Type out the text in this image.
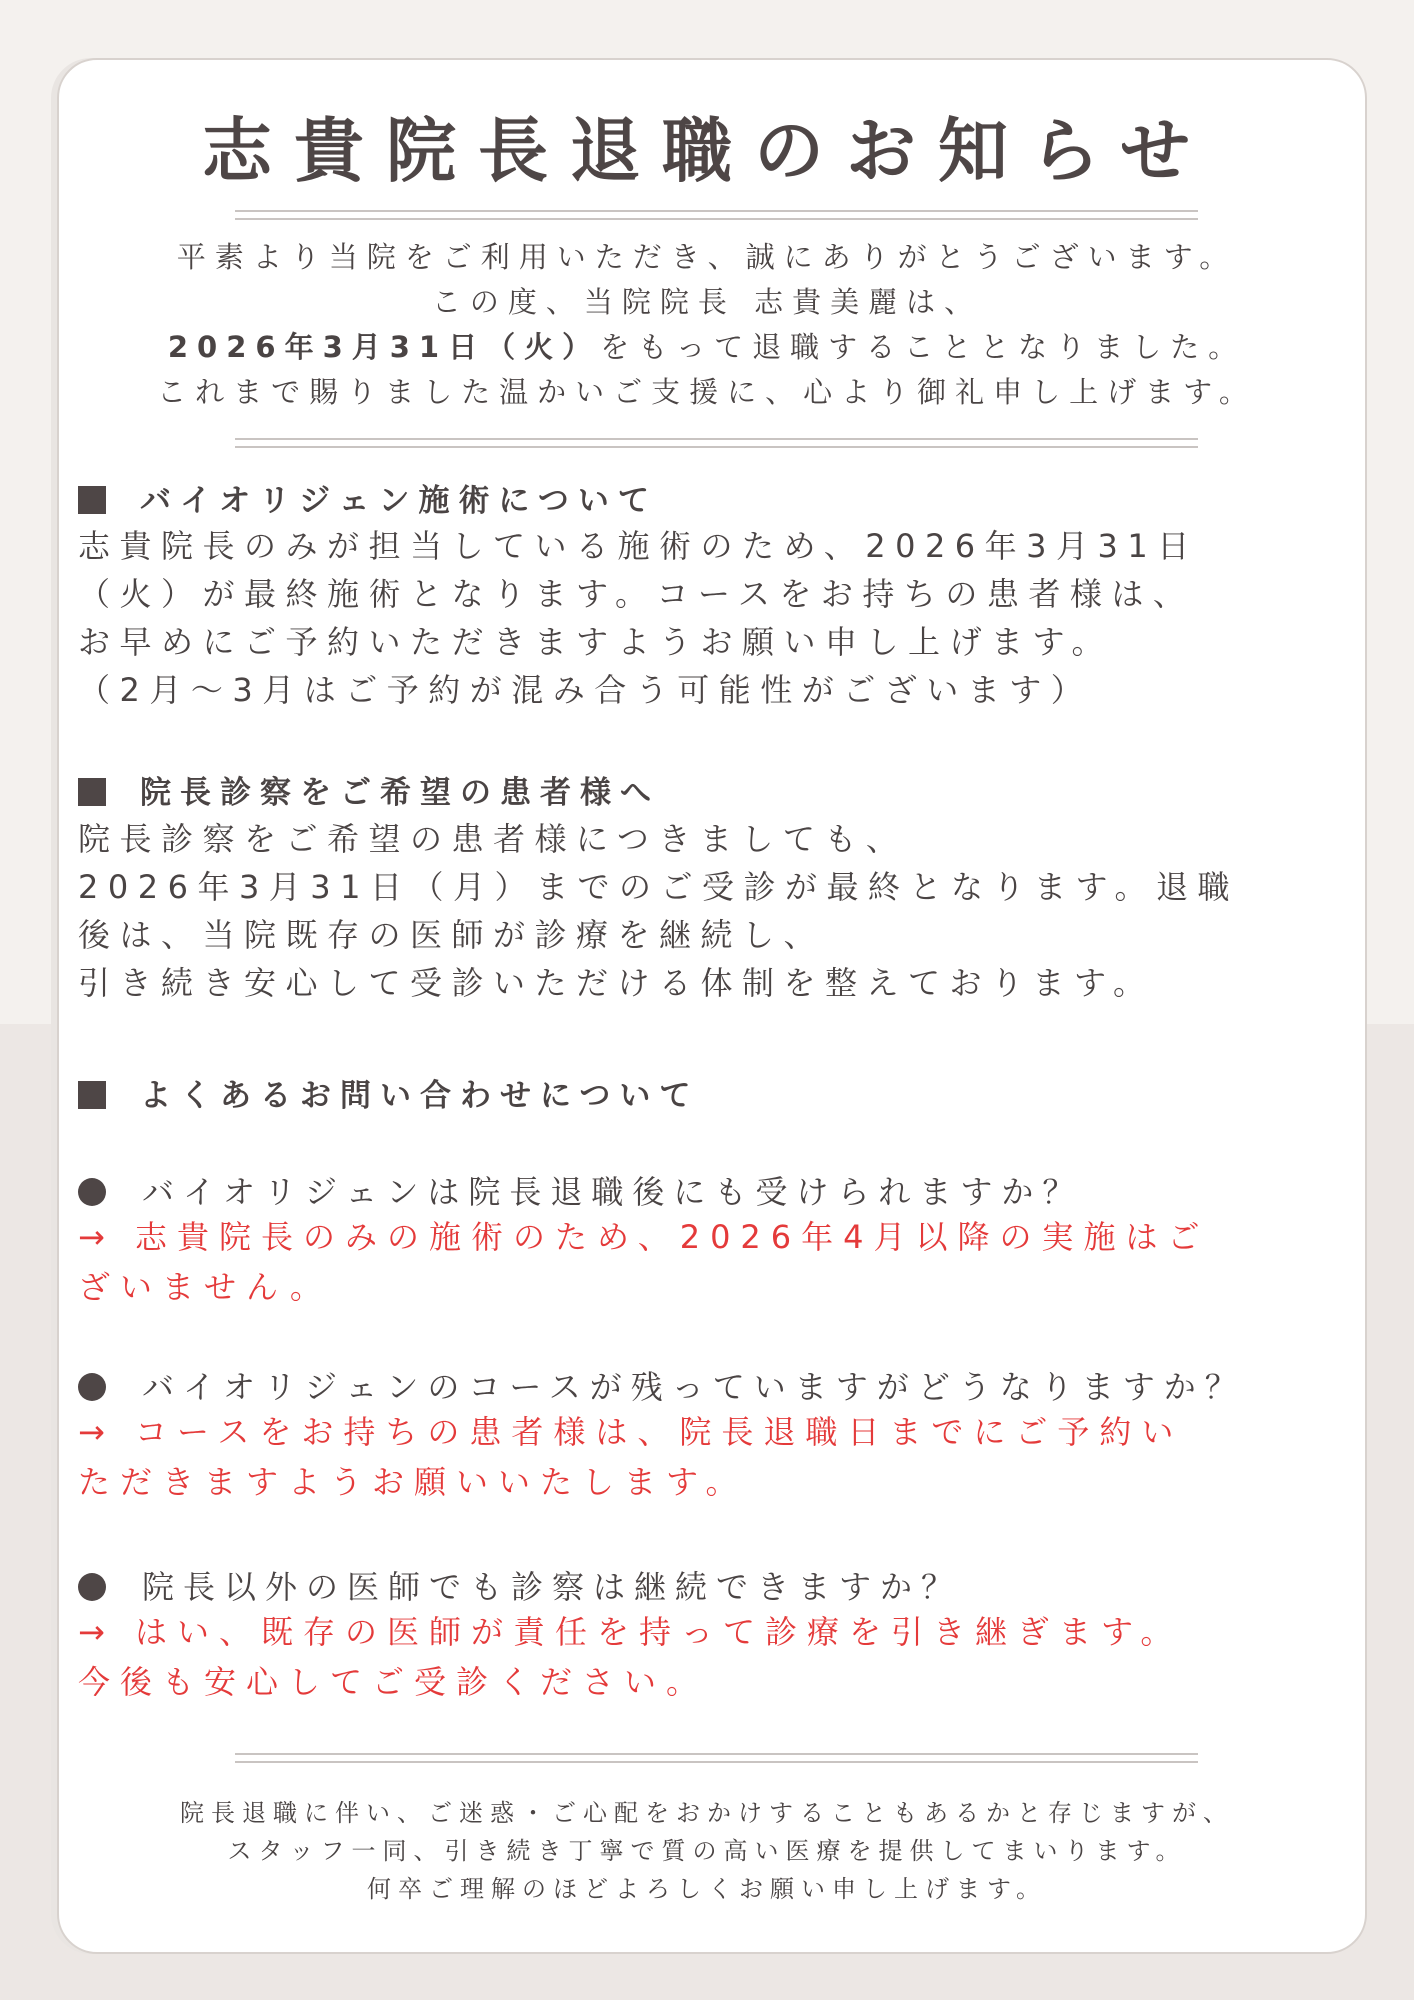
志貴院長退職のお知らせ
平素より当院をご利用いただき、誠にありがとうございます。
この度、当院院長 志貴美麗は、
2026年3月31日（火）をもって退職することとなりました。
これまで賜りました温かいご支援に、心より御礼申し上げます。
バイオリジェン施術について
志貴院長のみが担当している施術のため、2026年3月31日
（火）が最終施術となります。コースをお持ちの患者様は、
お早めにご予約いただきますようお願い申し上げます。
（2月〜3月はご予約が混み合う可能性がございます）
院長診察をご希望の患者様へ
院長診察をご希望の患者様につきましても、
2026年3月31日（月）までのご受診が最終となります。退職
後は、当院既存の医師が診療を継続し、
引き続き安心して受診いただける体制を整えております。
よくあるお問い合わせについて
バイオリジェンは院長退職後にも受けられますか？
→ 志貴院長のみの施術のため、2026年4月以降の実施はご
ざいません。
バイオリジェンのコースが残っていますがどうなりますか？
→ コースをお持ちの患者様は、院長退職日までにご予約い
ただきますようお願いいたします。
院長以外の医師でも診察は継続できますか？
→ はい、既存の医師が責任を持って診療を引き継ぎます。
今後も安心してご受診ください。
院長退職に伴い、ご迷惑・ご心配をおかけすることもあるかと存じますが、
スタッフ一同、引き続き丁寧で質の高い医療を提供してまいります。
何卒ご理解のほどよろしくお願い申し上げます。
